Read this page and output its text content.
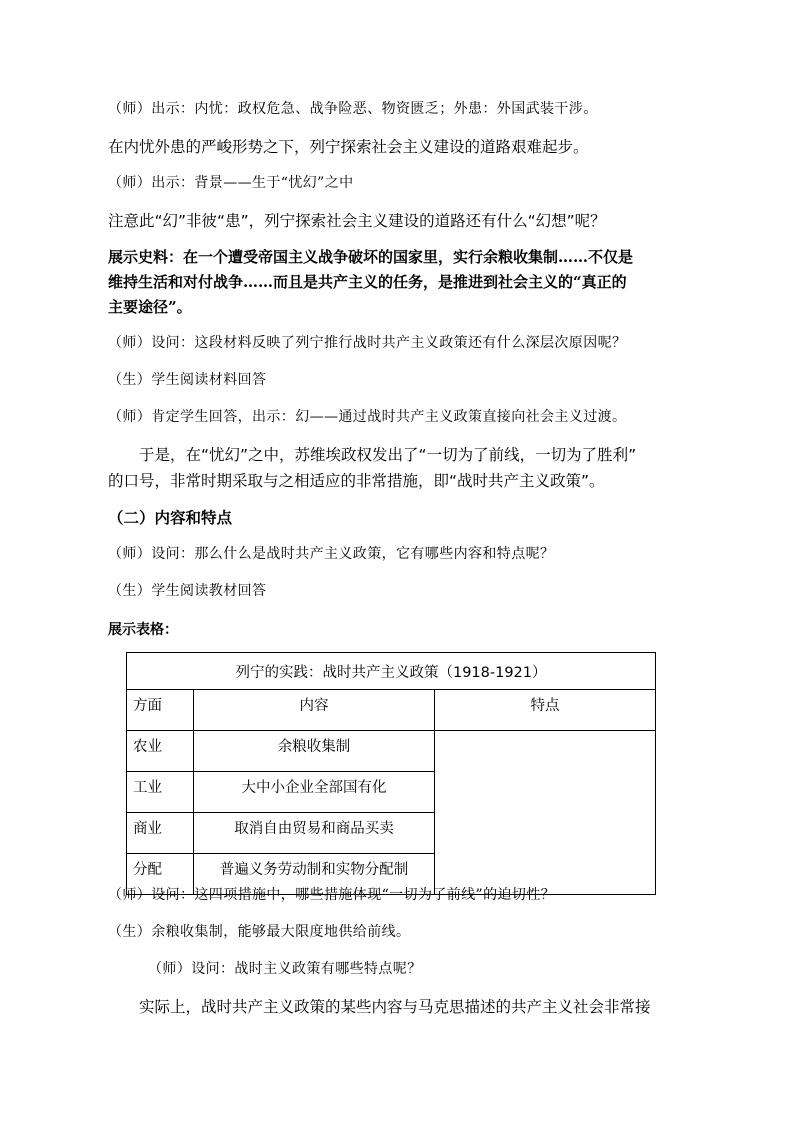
（师）出示：内忧：政权危急、战争险恶、物资匮乏；外患：外国武装干涉。
在内忧外患的严峻形势之下，列宁探索社会主义建设的道路艰难起步。
（师）出示：背景——生于“忧幻”之中
注意此“幻”非彼“患”，列宁探索社会主义建设的道路还有什么“幻想”呢？
展示史料：在一个遭受帝国主义战争破坏的国家里，实行余粮收集制……不仅是
维持生活和对付战争……而且是共产主义的任务，是推进到社会主义的“真正的
主要途径”。
（师）设问：这段材料反映了列宁推行战时共产主义政策还有什么深层次原因呢？
（生）学生阅读材料回答
（师）肯定学生回答，出示：幻——通过战时共产主义政策直接向社会主义过渡。
于是，在“忧幻”之中，苏维埃政权发出了“一切为了前线，一切为了胜利”
的口号，非常时期采取与之相适应的非常措施，即“战时共产主义政策”。
（二）内容和特点
（师）设问：那么什么是战时共产主义政策，它有哪些内容和特点呢？
（生）学生阅读教材回答
展示表格：
列宁的实践：战时共产主义政策（1918-1921）		
方面	内容	特点
农业	余粮收集制	
工业	大中小企业全部国有化	
商业	取消自由贸易和商品买卖	
分配	普遍义务劳动制和实物分配制	
（师）设问：这四项措施中，哪些措施体现“一切为了前线”的迫切性？
（生）余粮收集制，能够最大限度地供给前线。
（师）设问：战时主义政策有哪些特点呢？
实际上，战时共产主义政策的某些内容与马克思描述的共产主义社会非常接
